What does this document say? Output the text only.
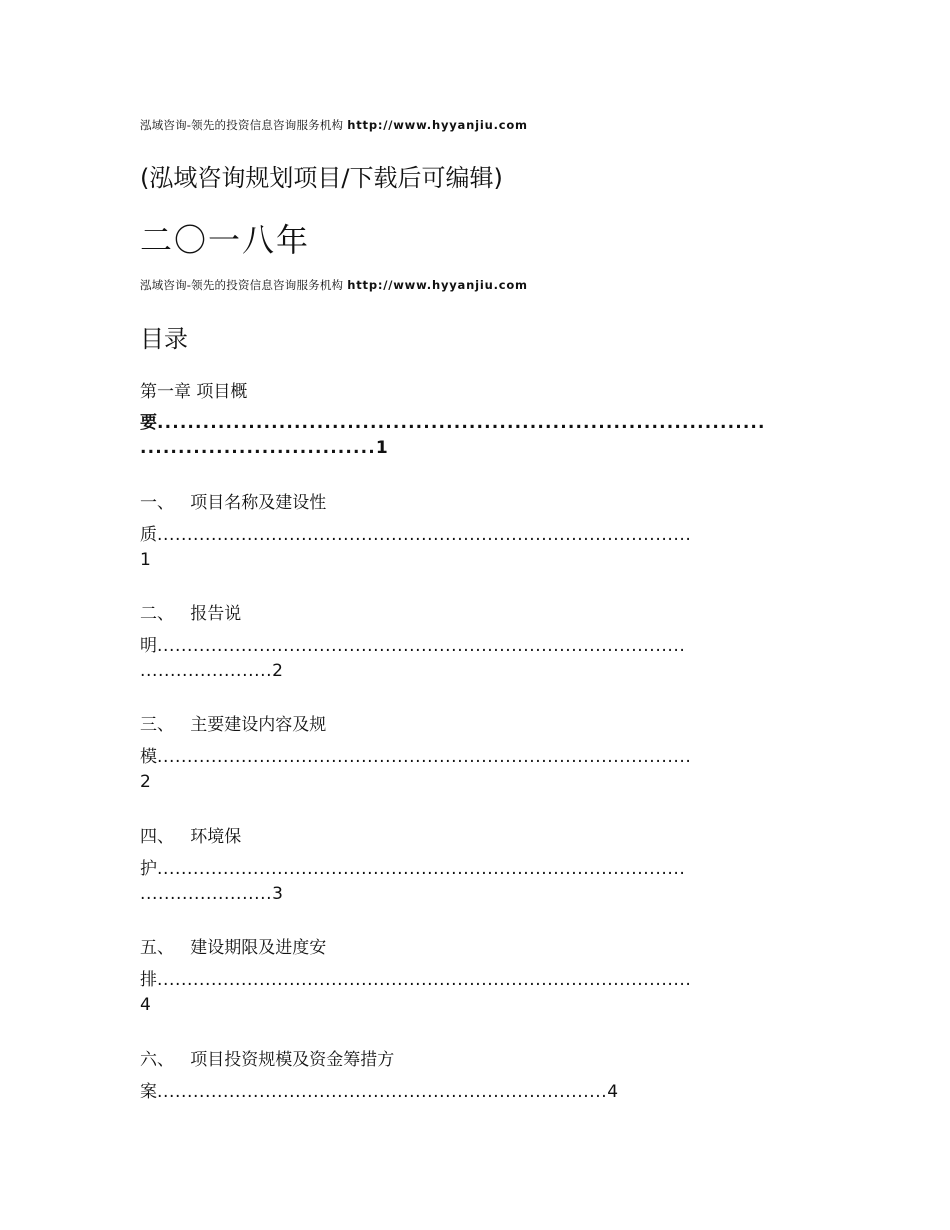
泓域咨询-领先的投资信息咨询服务机构 http://www.hyyanjiu.com
(泓域咨询规划项目/下载后可编辑)
二〇一八年
泓域咨询-领先的投资信息咨询服务机构 http://www.hyyanjiu.com
目录
第一章 项目概
要................................................................................
...............................1
一、 项目名称及建设性
质.........................................................................................
1
二、 报告说
明........................................................................................
......................2
三、 主要建设内容及规
模.........................................................................................
2
四、 环境保
护........................................................................................
......................3
五、 建设期限及进度安
排.........................................................................................
4
六、 项目投资规模及资金筹措方
案...........................................................................4
